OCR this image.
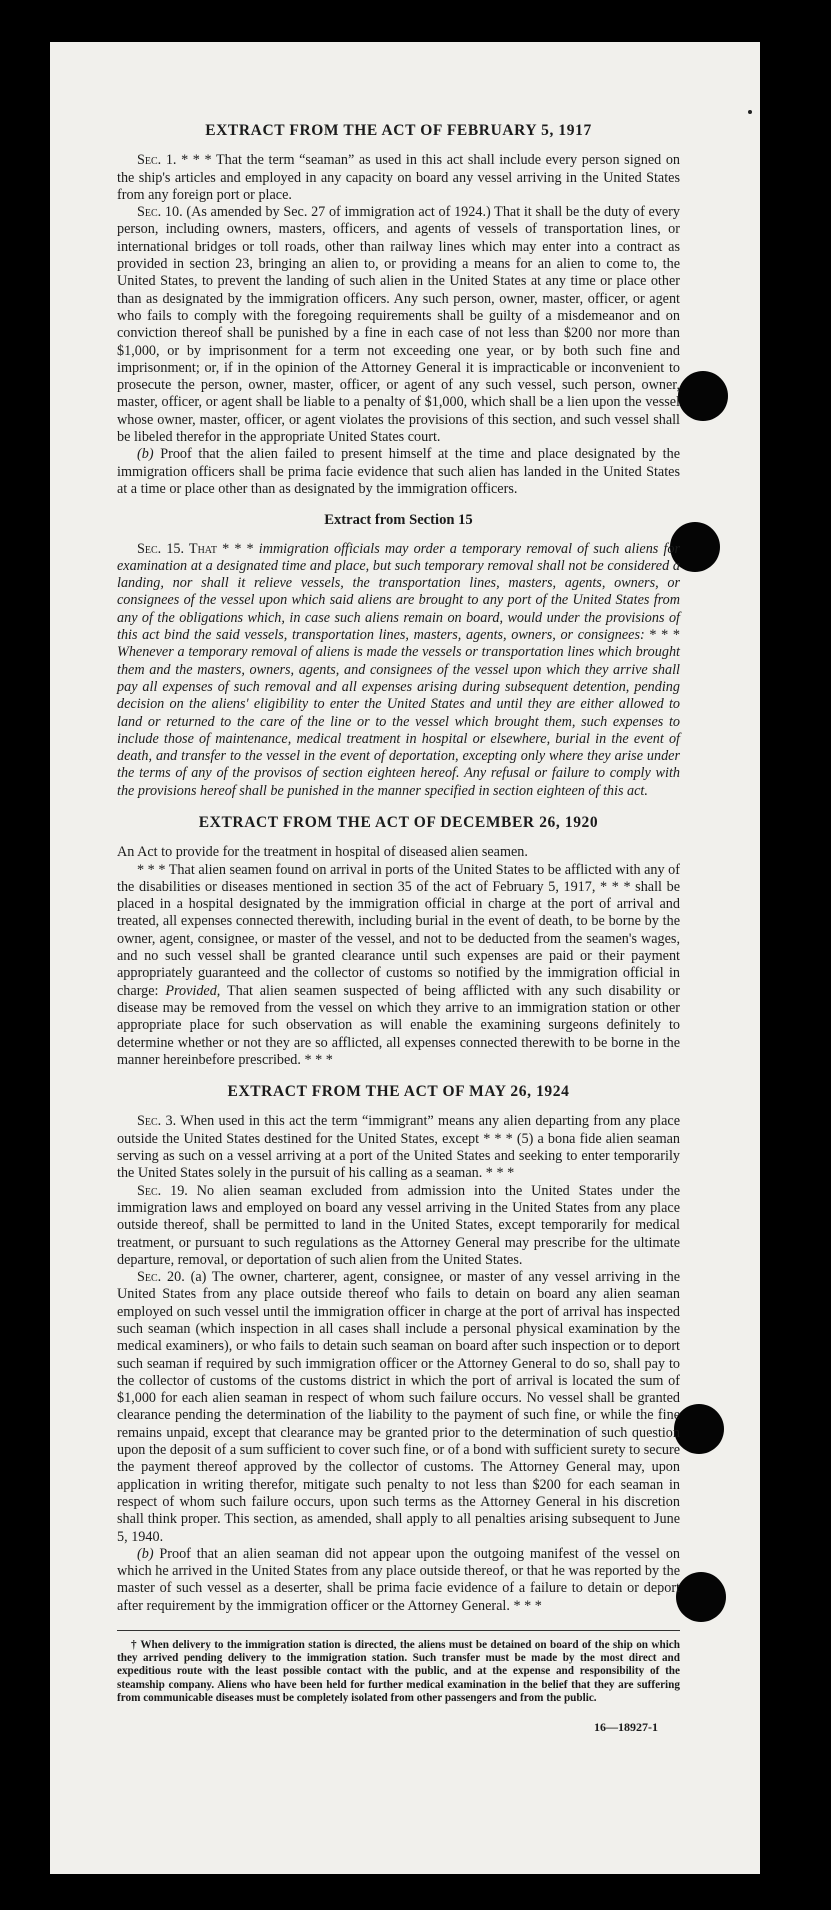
EXTRACT FROM THE ACT OF FEBRUARY 5, 1917

Sec. 1. * * * That the term “seaman” as used in this act shall include every person signed on the ship's articles and employed in any capacity on board any vessel arriving in the United States from any foreign port or place.

Sec. 10. (As amended by Sec. 27 of immigration act of 1924.) That it shall be the duty of every person, including owners, masters, officers, and agents of vessels of transportation lines, or international bridges or toll roads, other than railway lines which may enter into a contract as provided in section 23, bringing an alien to, or providing a means for an alien to come to, the United States, to prevent the landing of such alien in the United States at any time or place other than as designated by the immigration officers. Any such person, owner, master, officer, or agent who fails to comply with the foregoing requirements shall be guilty of a misdemeanor and on conviction thereof shall be punished by a fine in each case of not less than $200 nor more than $1,000, or by imprisonment for a term not exceeding one year, or by both such fine and imprisonment; or, if in the opinion of the Attorney General it is impracticable or inconvenient to prosecute the person, owner, master, officer, or agent of any such vessel, such person, owner, master, officer, or agent shall be liable to a penalty of $1,000, which shall be a lien upon the vessel whose owner, master, officer, or agent violates the provisions of this section, and such vessel shall be libeled therefor in the appropriate United States court.

(b) Proof that the alien failed to present himself at the time and place designated by the immigration officers shall be prima facie evidence that such alien has landed in the United States at a time or place other than as designated by the immigration officers.

Extract from Section 15

Sec. 15. That * * * immigration officials may order a temporary removal of such aliens for examination at a designated time and place, but such temporary removal shall not be considered a landing, nor shall it relieve vessels, the transportation lines, masters, agents, owners, or consignees of the vessel upon which said aliens are brought to any port of the United States from any of the obligations which, in case such aliens remain on board, would under the provisions of this act bind the said vessels, transportation lines, masters, agents, owners, or consignees: * * * Whenever a temporary removal of aliens is made the vessels or transportation lines which brought them and the masters, owners, agents, and consignees of the vessel upon which they arrive shall pay all expenses of such removal and all expenses arising during subsequent detention, pending decision on the aliens' eligibility to enter the United States and until they are either allowed to land or returned to the care of the line or to the vessel which brought them, such expenses to include those of maintenance, medical treatment in hospital or elsewhere, burial in the event of death, and transfer to the vessel in the event of deportation, excepting only where they arise under the terms of any of the provisos of section eighteen hereof. Any refusal or failure to comply with the provisions hereof shall be punished in the manner specified in section eighteen of this act.

EXTRACT FROM THE ACT OF DECEMBER 26, 1920

An Act to provide for the treatment in hospital of diseased alien seamen.

* * * That alien seamen found on arrival in ports of the United States to be afflicted with any of the disabilities or diseases mentioned in section 35 of the act of February 5, 1917, * * * shall be placed in a hospital designated by the immigration official in charge at the port of arrival and treated, all expenses connected therewith, including burial in the event of death, to be borne by the owner, agent, consignee, or master of the vessel, and not to be deducted from the seamen's wages, and no such vessel shall be granted clearance until such expenses are paid or their payment appropriately guaranteed and the collector of customs so notified by the immigration official in charge: Provided, That alien seamen suspected of being afflicted with any such disability or disease may be removed from the vessel on which they arrive to an immigration station or other appropriate place for such observation as will enable the examining surgeons definitely to determine whether or not they are so afflicted, all expenses connected therewith to be borne in the manner hereinbefore prescribed. * * *

EXTRACT FROM THE ACT OF MAY 26, 1924

Sec. 3. When used in this act the term “immigrant” means any alien departing from any place outside the United States destined for the United States, except * * * (5) a bona fide alien seaman serving as such on a vessel arriving at a port of the United States and seeking to enter temporarily the United States solely in the pursuit of his calling as a seaman. * * *

Sec. 19. No alien seaman excluded from admission into the United States under the immigration laws and employed on board any vessel arriving in the United States from any place outside thereof, shall be permitted to land in the United States, except temporarily for medical treatment, or pursuant to such regulations as the Attorney General may prescribe for the ultimate departure, removal, or deportation of such alien from the United States.

Sec. 20. (a) The owner, charterer, agent, consignee, or master of any vessel arriving in the United States from any place outside thereof who fails to detain on board any alien seaman employed on such vessel until the immigration officer in charge at the port of arrival has inspected such seaman (which inspection in all cases shall include a personal physical examination by the medical examiners), or who fails to detain such seaman on board after such inspection or to deport such seaman if required by such immigration officer or the Attorney General to do so, shall pay to the collector of customs of the customs district in which the port of arrival is located the sum of $1,000 for each alien seaman in respect of whom such failure occurs. No vessel shall be granted clearance pending the determination of the liability to the payment of such fine, or while the fine remains unpaid, except that clearance may be granted prior to the determination of such question upon the deposit of a sum sufficient to cover such fine, or of a bond with sufficient surety to secure the payment thereof approved by the collector of customs. The Attorney General may, upon application in writing therefor, mitigate such penalty to not less than $200 for each seaman in respect of whom such failure occurs, upon such terms as the Attorney General in his discretion shall think proper. This section, as amended, shall apply to all penalties arising subsequent to June 5, 1940.

(b) Proof that an alien seaman did not appear upon the outgoing manifest of the vessel on which he arrived in the United States from any place outside thereof, or that he was reported by the master of such vessel as a deserter, shall be prima facie evidence of a failure to detain or deport after requirement by the immigration officer or the Attorney General. * * *

† When delivery to the immigration station is directed, the aliens must be detained on board of the ship on which they arrived pending delivery to the immigration station. Such transfer must be made by the most direct and expeditious route with the least possible contact with the public, and at the expense and responsibility of the steamship company. Aliens who have been held for further medical examination in the belief that they are suffering from communicable diseases must be completely isolated from other passengers and from the public.

16—18927-1
